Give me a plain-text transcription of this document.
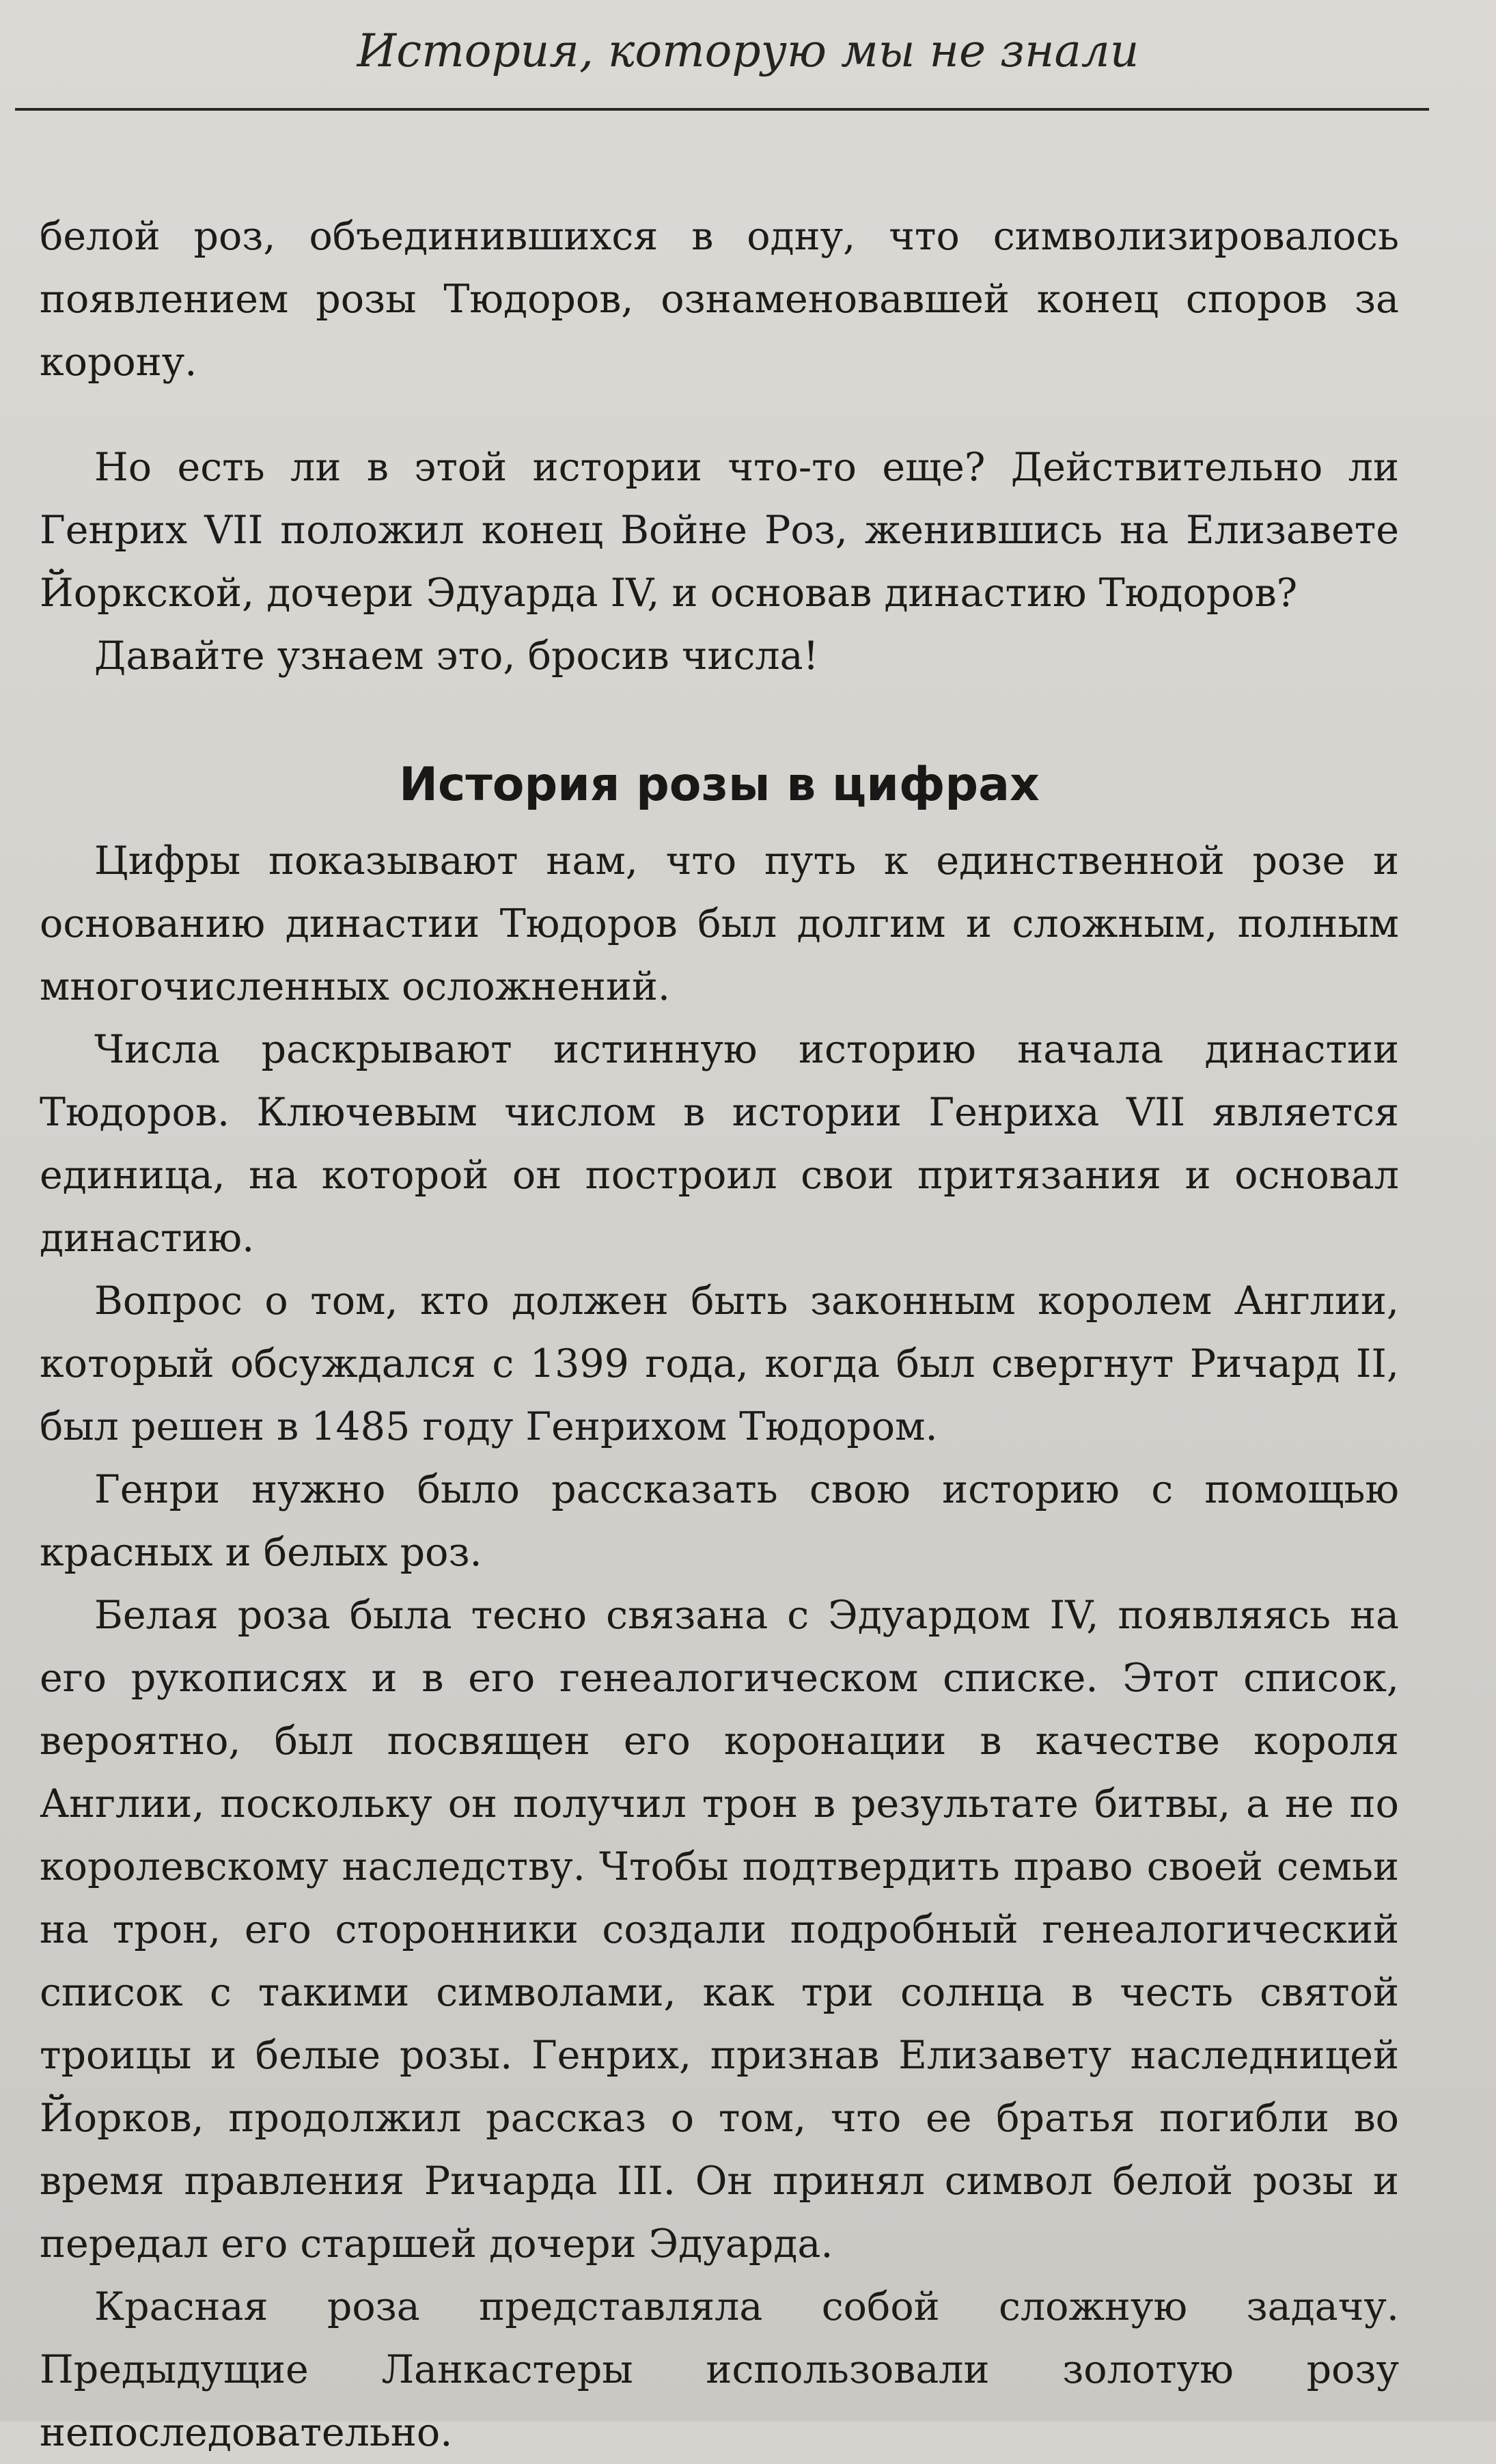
История, которую мы не знали

белой роз, объединившихся в одну, что символизировалось появлением розы Тюдоров, ознаменовавшей конец споров за корону.

Но есть ли в этой истории что-то еще? Действительно ли Генрих VII положил конец Войне Роз, женившись на Елизавете Йоркской, дочери Эдуарда IV, и основав династию Тюдоров?

Давайте узнаем это, бросив числа!

История розы в цифрах

Цифры показывают нам, что путь к единственной розе и основанию династии Тюдоров был долгим и сложным, полным многочисленных осложнений.

Числа раскрывают истинную историю начала династии Тюдоров. Ключевым числом в истории Генриха VII является единица, на которой он построил свои притязания и основал династию.

Вопрос о том, кто должен быть законным королем Англии, который обсуждался с 1399 года, когда был свергнут Ричард II, был решен в 1485 году Генрихом Тюдором.

Генри нужно было рассказать свою историю с помощью красных и белых роз.

Белая роза была тесно связана с Эдуардом IV, появляясь на его рукописях и в его генеалогическом списке. Этот список, вероятно, был посвящен его коронации в качестве короля Англии, поскольку он получил трон в результате битвы, а не по королевскому наследству. Чтобы подтвердить право своей семьи на трон, его сторонники создали подробный генеалогический список с такими символами, как три солнца в честь святой троицы и белые розы. Генрих, признав Елизавету наследницей Йорков, продолжил рассказ о том, что ее братья погибли во время правления Ричарда III. Он принял символ белой розы и передал его старшей дочери Эдуарда.

Красная роза представляла собой сложную задачу. Предыдущие Ланкастеры использовали золотую розу непоследовательно.
